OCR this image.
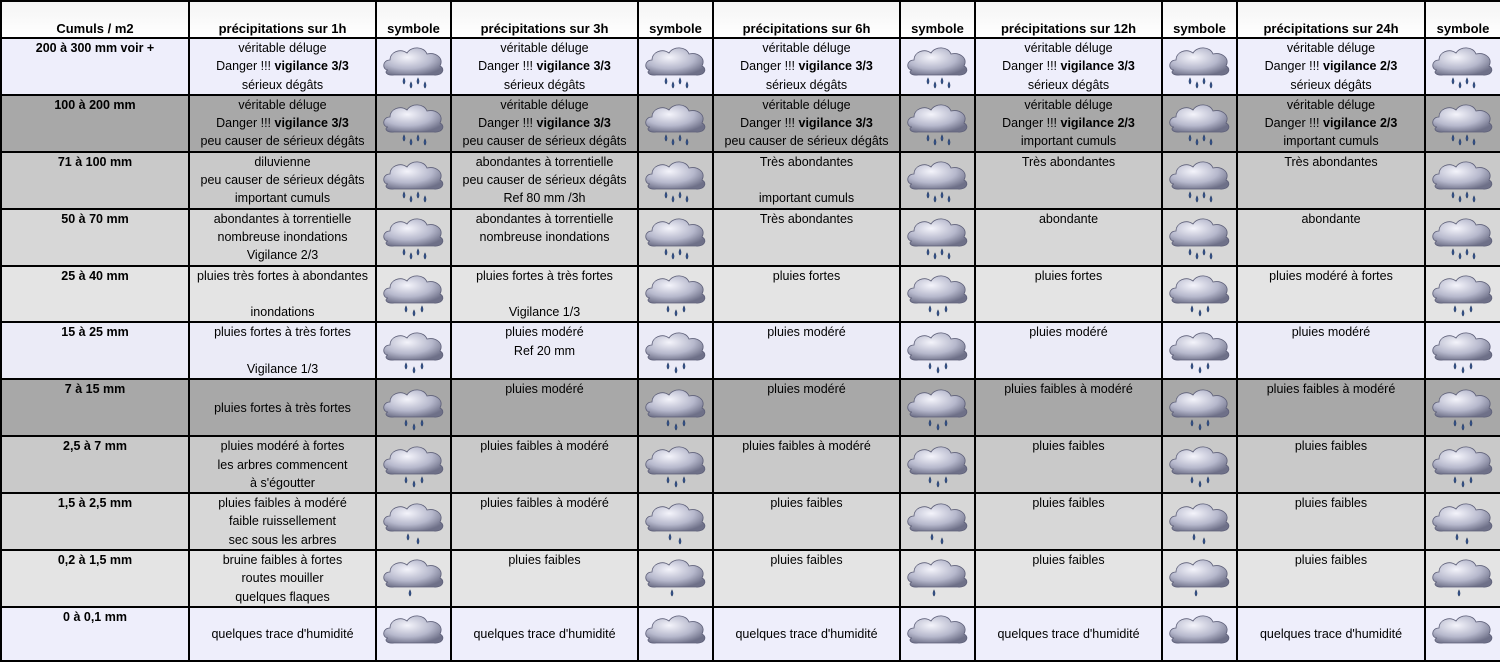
Cumuls / m2	précipitations sur 1h	symbole	précipitations sur 3h	symbole	précipitations sur 6h	symbole	précipitations sur 12h	symbole	précipitations sur 24h	symbole
200 à 300 mm voir +	véritable déluge
Danger !!! vigilance 3/3
sérieux dégâts		véritable déluge
Danger !!! vigilance 3/3
sérieux dégâts		véritable déluge
Danger !!! vigilance 3/3
sérieux dégâts		véritable déluge
Danger !!! vigilance 3/3
sérieux dégâts		véritable déluge
Danger !!! vigilance 2/3
sérieux dégâts

100 à 200 mm	véritable déluge
Danger !!! vigilance 3/3
peu causer de sérieux dégâts		véritable déluge
Danger !!! vigilance 3/3
peu causer de sérieux dégâts		véritable déluge
Danger !!! vigilance 3/3
peu causer de sérieux dégâts		véritable déluge
Danger !!! vigilance 2/3
important cumuls		véritable déluge
Danger !!! vigilance 2/3
important cumuls

71 à 100 mm	diluvienne
peu causer de sérieux dégâts
important cumuls		abondantes à torrentielle
peu causer de sérieux dégâts
Ref 80 mm /3h		Très abondantes
important cumuls		Très abondantes		Très abondantes

50 à 70 mm	abondantes à torrentielle
nombreuse inondations
Vigilance 2/3		abondantes à torrentielle
nombreuse inondations		Très abondantes		abondante		abondante

25 à 40 mm	pluies très fortes à abondantes
inondations		pluies fortes à très fortes
Vigilance 1/3		pluies fortes		pluies fortes		pluies modéré à fortes

15 à 25 mm	pluies fortes à très fortes
Vigilance 1/3		pluies modéré
Ref 20 mm		pluies modéré		pluies modéré		pluies modéré

7 à 15 mm	pluies fortes à très fortes		pluies modéré		pluies modéré		pluies faibles à modéré		pluies faibles à modéré

2,5 à 7 mm	pluies modéré à fortes
les arbres commencent
à s'égoutter		pluies faibles à modéré		pluies faibles à modéré		pluies faibles		pluies faibles

1,5 à 2,5 mm	pluies faibles à modéré
faible ruissellement
sec sous les arbres		pluies faibles à modéré		pluies faibles		pluies faibles		pluies faibles

0,2 à 1,5 mm	bruine faibles à fortes
routes mouiller
quelques flaques		pluies faibles		pluies faibles		pluies faibles		pluies faibles

0 à 0,1 mm	quelques trace d'humidité		quelques trace d'humidité		quelques trace d'humidité		quelques trace d'humidité		quelques trace d'humidité
